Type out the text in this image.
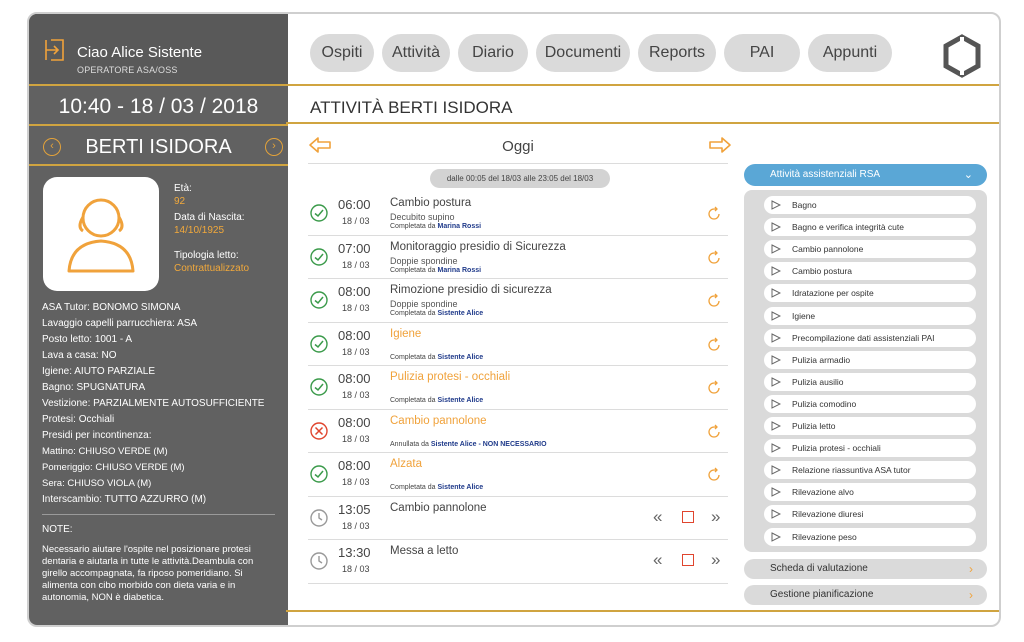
Ciao Alice Sistente
OPERATORE ASA/OSS
10:40 - 18 / 03 / 2018
‹	BERTI ISIDORA	›
Età:
92
Data di Nascita:
14/10/1925
Tipologia letto:
Contrattualizzato
ASA Tutor: BONOMO SIMONA
Lavaggio capelli parrucchiera: ASA
Posto letto: 1001 - A
Lava a casa: NO
Igiene: AIUTO PARZIALE
Bagno: SPUGNATURA
Vestizione: PARZIALMENTE AUTOSUFFICIENTE
Protesi: Occhiali
Presidi per incontinenza:
Mattino: CHIUSO VERDE (M)
Pomeriggio: CHIUSO VERDE (M)
Sera: CHIUSO VIOLA (M)
Interscambio: TUTTO AZZURRO (M)
NOTE:
Necessario aiutare l'ospite nel posizionare protesi dentaria e aiutarla in tutte le attività.Deambula con girello accompagnata, fa riposo pomeridiano. Si alimenta con cibo morbido con dieta varia e in autonomia, NON è diabetica.
Ospiti	Attività	Diario	Documenti	Reports	PAI	Appunti
ATTIVITÀ BERTI ISIDORA
Oggi
dalle 00:05 del 18/03 alle 23:05 del 18/03
06:00
18 / 03
Cambio postura
Decubito supino
Completata da Marina Rossi
07:00
18 / 03
Monitoraggio presidio di Sicurezza
Doppie spondine
Completata da Marina Rossi
08:00
18 / 03
Rimozione presidio di sicurezza
Doppie spondine
Completata da Sistente Alice
08:00
18 / 03
Igiene
Completata da Sistente Alice
08:00
18 / 03
Pulizia protesi - occhiali
Completata da Sistente Alice
08:00
18 / 03
Cambio pannolone
Annullata da Sistente Alice - NON NECESSARIO
08:00
18 / 03
Alzata
Completata da Sistente Alice
13:05
18 / 03
Cambio pannolone	«	»
13:30
18 / 03
Messa a letto	«	»
Attività assistenziali RSA	⌄
Bagno
Bagno e verifica integrità cute
Cambio pannolone
Cambio postura
Idratazione per ospite
Igiene
Precompilazione dati assistenziali PAI
Pulizia armadio
Pulizia ausilio
Pulizia comodino
Pulizia letto
Pulizia protesi - occhiali
Relazione riassuntiva ASA tutor
Rilevazione alvo
Rilevazione diuresi
Rilevazione peso
Scheda di valutazione	›
Gestione pianificazione	›
